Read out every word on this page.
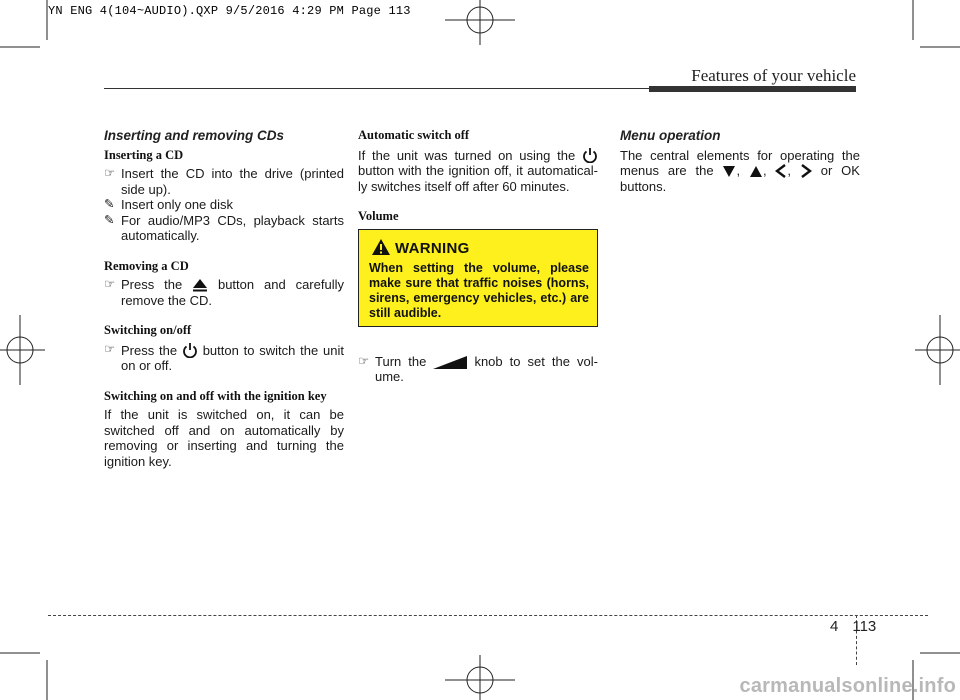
YN ENG 4(104~AUDIO).QXP 9/5/2016 4:29 PM Page 113
Features of your vehicle
Inserting and removing CDs
Inserting a CD
☞ Insert the CD into the drive (printed side up).
✎ Insert only one disk
✎ For audio/MP3 CDs, playback starts automatically.
Removing a CD
☞ Press the	button and carefully remove the CD.
Switching on/off
☞ Press the button to switch the unit on or off.
Switching on and off with the ignition key

If the unit is switched on, it can be switched off and on automatically by removing or inserting and turning the ignition key.

Automatic switch off

If the unit was turned on using the  button with the ignition off, it automatical-ly switches itself off after 60 minutes.

Volume
☞ Turn the	knob to set the vol-ume.
WARNING
When setting the volume, please make sure that traffic noises (horns, sirens, emergency vehicles, etc.) are still audible.
Menu operation

The central elements for operating the menus are the , , , or OK buttons.

4 113
carmanualsonline.info
